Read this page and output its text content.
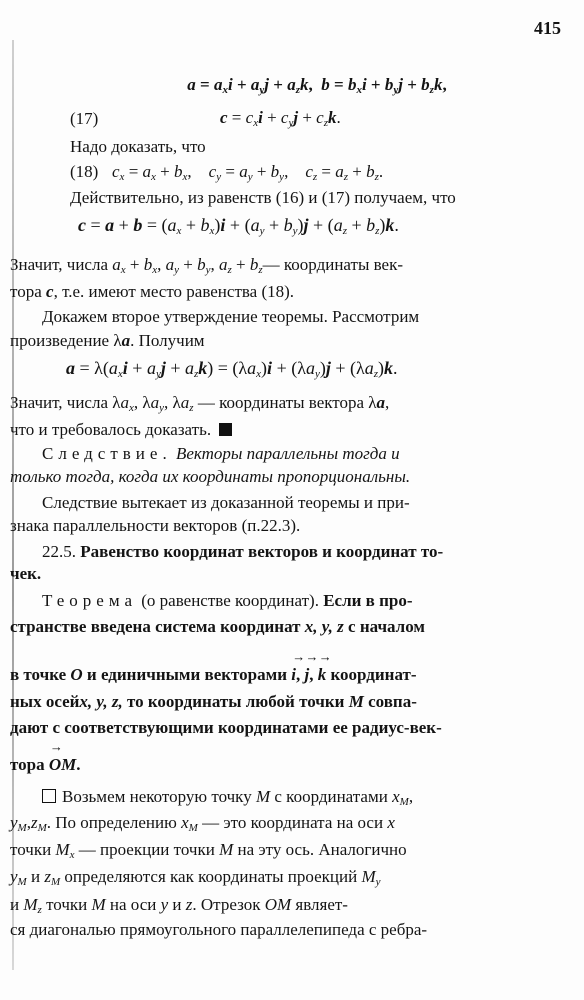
415
$a = a_xi + a_yj + a_zk$,  $b = b_xi + b_yj + b_zk$,
$c = c_xi + c_yj + c_zk$.
(17)
Надо доказать, что
$c_x = a_x + b_x$,    $c_y = a_y + b_y$,    $c_z = a_z + b_z$.
(18)
Действительно, из равенств (16) и (17) получаем, что
$c = a + b = (a_x + b_x)i + (a_y + b_y)j + (a_z + b_z)k$.
Значит, числа $a_x + b_x$, $a_y + b_y$, $a_z$ + $b_z—$ координаты век-
тора c, т.е. имеют место равенства (18).
Докажем второе утверждение теоремы. Рассмотрим
произведение λa. Получим
$a = \lambda(a_xi + a_yj + a_zk) = (\lambda a_x)i + (\lambda a_y)j + (\lambda a_z)k$.
Значит, числа $\lambda a_x$, $\lambda a_y$, $\lambda a_z$ — координаты вектора λa,
что и требовалось доказать.
Следствие. Векторы параллельны тогда и
только тогда, когда их координаты пропорциональны.
Следствие вытекает из доказанной теоремы и при-
знака параллельности векторов (п.22.3).
22.5. Равенство координат векторов и координат то-
чек.
Теорема (о равенстве координат). Если в про-
странстве введена система координат x, y, z с началом
в точке O и единичными векторами → i, → j, → k координат-
ных осейx, y, z, то координаты любой точки M совпа-
дают с соответствующими координатами ее радиус-век-
тора → OM.
Возьмем некоторую точку M с координатами $x_M$,
$y_M,z_M$. По определению $x_M$ — это координата на оси x
точки $M_x$ — проекции точки M на эту ось. Аналогично
$y_M$ и $z_M$ определяются как координаты проекций $M_y$
и $M_z$ точки M на оси y и z. Отрезок OM являет-
ся диагональю прямоугольного параллелепипеда с ребра-
